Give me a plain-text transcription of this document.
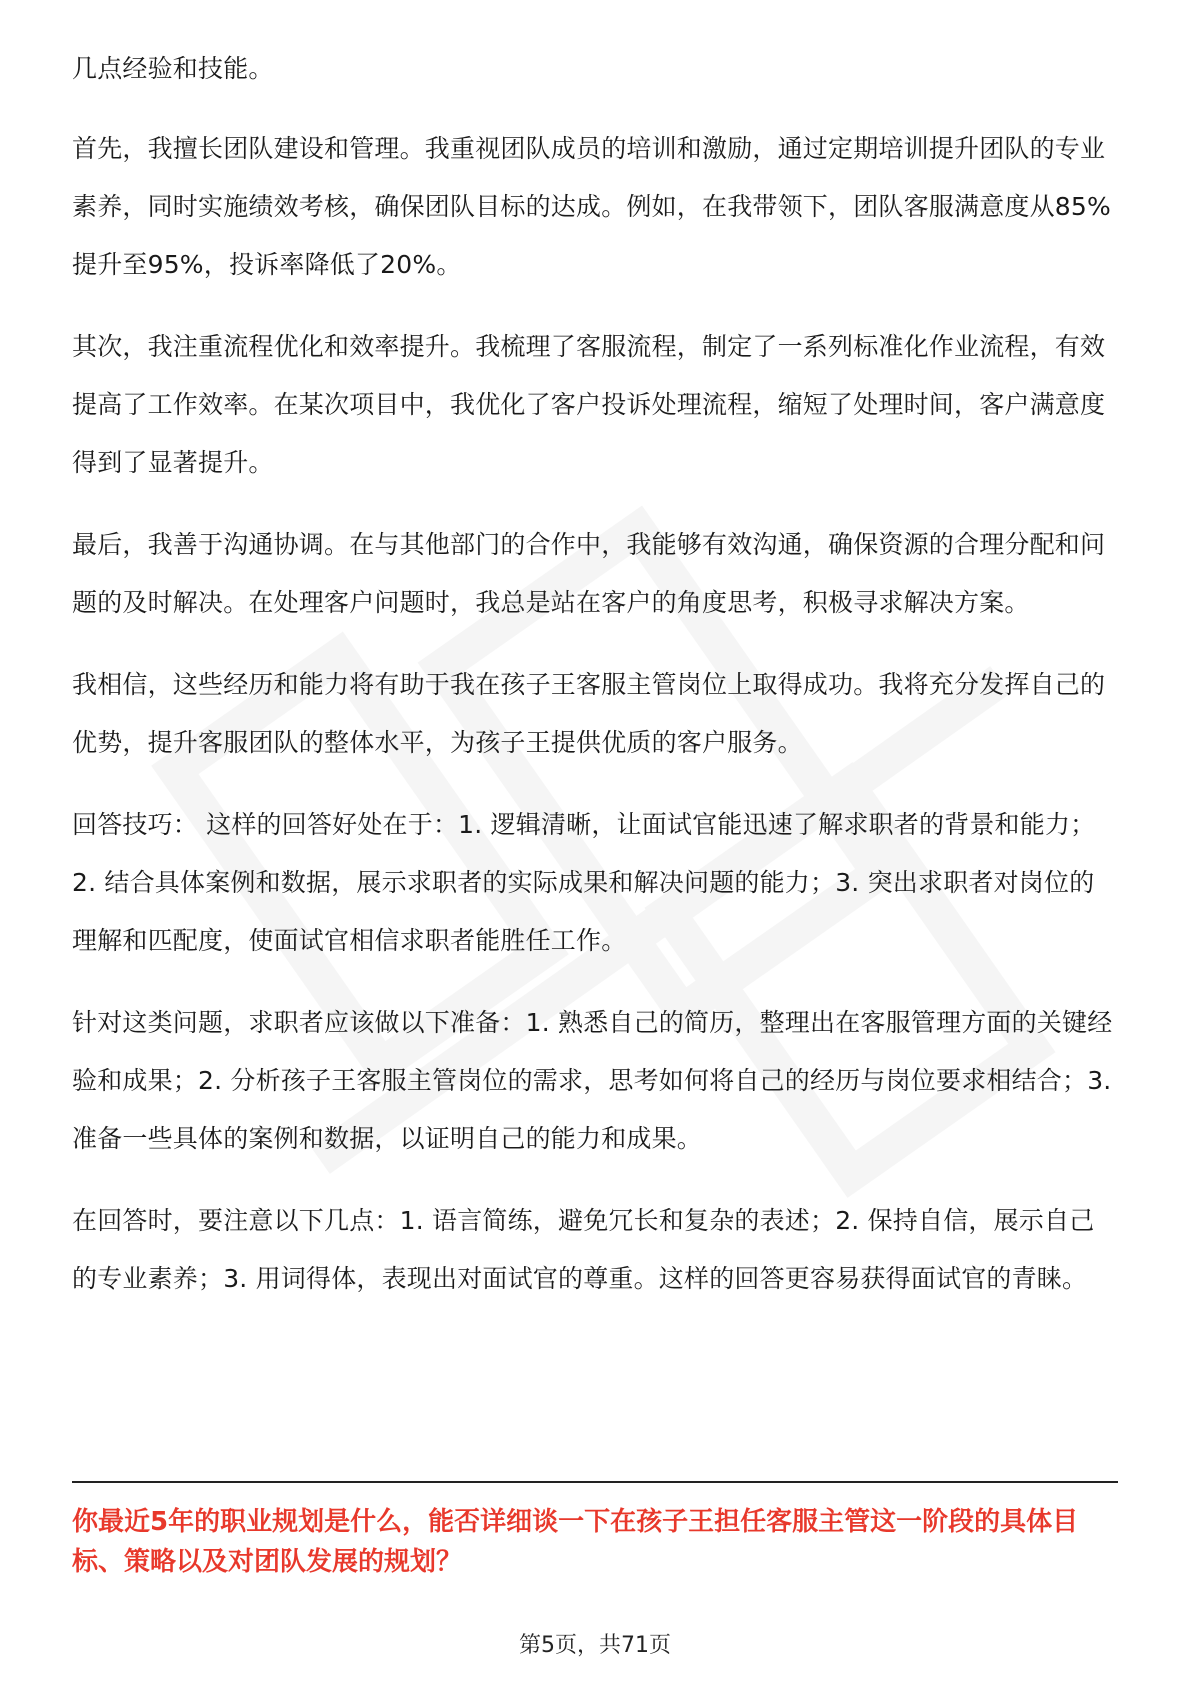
几点经验和技能。

首先，我擅长团队建设和管理。我重视团队成员的培训和激励，通过定期培训提升团队的专业素养，同时实施绩效考核，确保团队目标的达成。例如，在我带领下，团队客服满意度从85%提升至95%，投诉率降低了20%。

其次，我注重流程优化和效率提升。我梳理了客服流程，制定了一系列标准化作业流程，有效提高了工作效率。在某次项目中，我优化了客户投诉处理流程，缩短了处理时间，客户满意度得到了显著提升。

最后，我善于沟通协调。在与其他部门的合作中，我能够有效沟通，确保资源的合理分配和问题的及时解决。在处理客户问题时，我总是站在客户的角度思考，积极寻求解决方案。

我相信，这些经历和能力将有助于我在孩子王客服主管岗位上取得成功。我将充分发挥自己的优势，提升客服团队的整体水平，为孩子王提供优质的客户服务。

回答技巧： 这样的回答好处在于：1. 逻辑清晰，让面试官能迅速了解求职者的背景和能力；2. 结合具体案例和数据，展示求职者的实际成果和解决问题的能力；3. 突出求职者对岗位的理解和匹配度，使面试官相信求职者能胜任工作。

针对这类问题，求职者应该做以下准备：1. 熟悉自己的简历，整理出在客服管理方面的关键经验和成果；2. 分析孩子王客服主管岗位的需求，思考如何将自己的经历与岗位要求相结合；3. 准备一些具体的案例和数据，以证明自己的能力和成果。

在回答时，要注意以下几点：1. 语言简练，避免冗长和复杂的表述；2. 保持自信，展示自己的专业素养；3. 用词得体，表现出对面试官的尊重。这样的回答更容易获得面试官的青睐。

你最近5年的职业规划是什么，能否详细谈一下在孩子王担任客服主管这一阶段的具体目标、策略以及对团队发展的规划？

第5页，共71页
